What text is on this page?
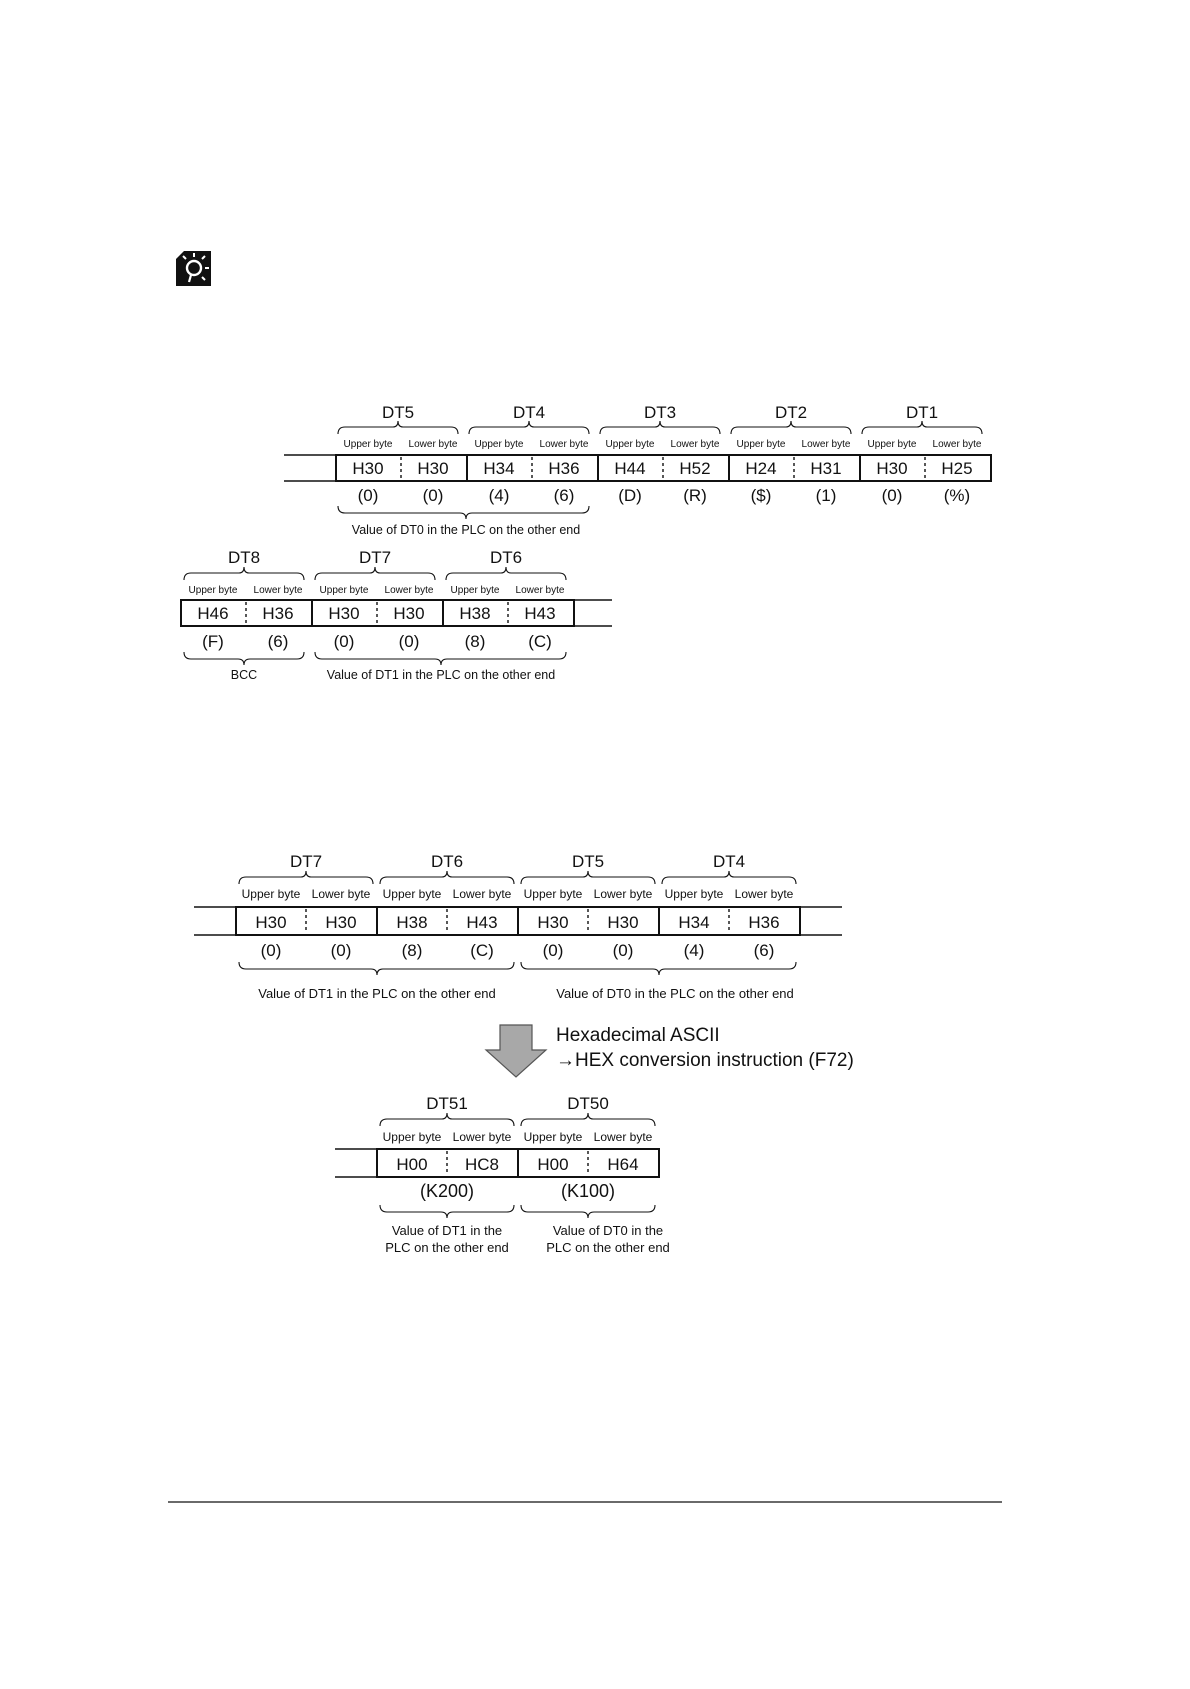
DT5	DT4	DT3	DT2	DT1
Upper byte Lower byte Upper byte Lower byte Upper byte Lower byte Upper byte Lower byte Upper byte Lower byte
H30 H30 H34 H36 H44 H52 H24 H31 H30 H25
(0)	(0)	(4)	(6)	(D) (R)	($)	(1)	(0) (%)
Value of DT0 in the PLC on the other end
DT8	DT7	DT6
Upper byte Lower byte Upper byte Lower byte Upper byte Lower byte
H46 H36 H30 H30 H38 H43
(F)	(6)	(0)	(0)	(8)	(C)
BCC	Value of DT1 in the PLC on the other end
DT7	DT6	DT5	DT4
Upper byte Lower byte Upper byte Lower byte Upper byte Lower byte Upper byte Lower byte
H30 H30 H38 H43 H30 H30 H34 H36
(0)	(0)	(8)	(C)	(0)	(0)	(4)	(6)
Value of DT1 in the PLC on the other end	Value of DT0 in the PLC on the other end
Hexadecimal ASCII
→HEX conversion instruction (F72)
DT51	DT50
Upper byte Lower byte Upper byte Lower byte
H00 HC8 H00 H64
(K200)	(K100)
Value of DT1 in the
PLC on the other end
Value of DT0 in the
PLC on the other end
